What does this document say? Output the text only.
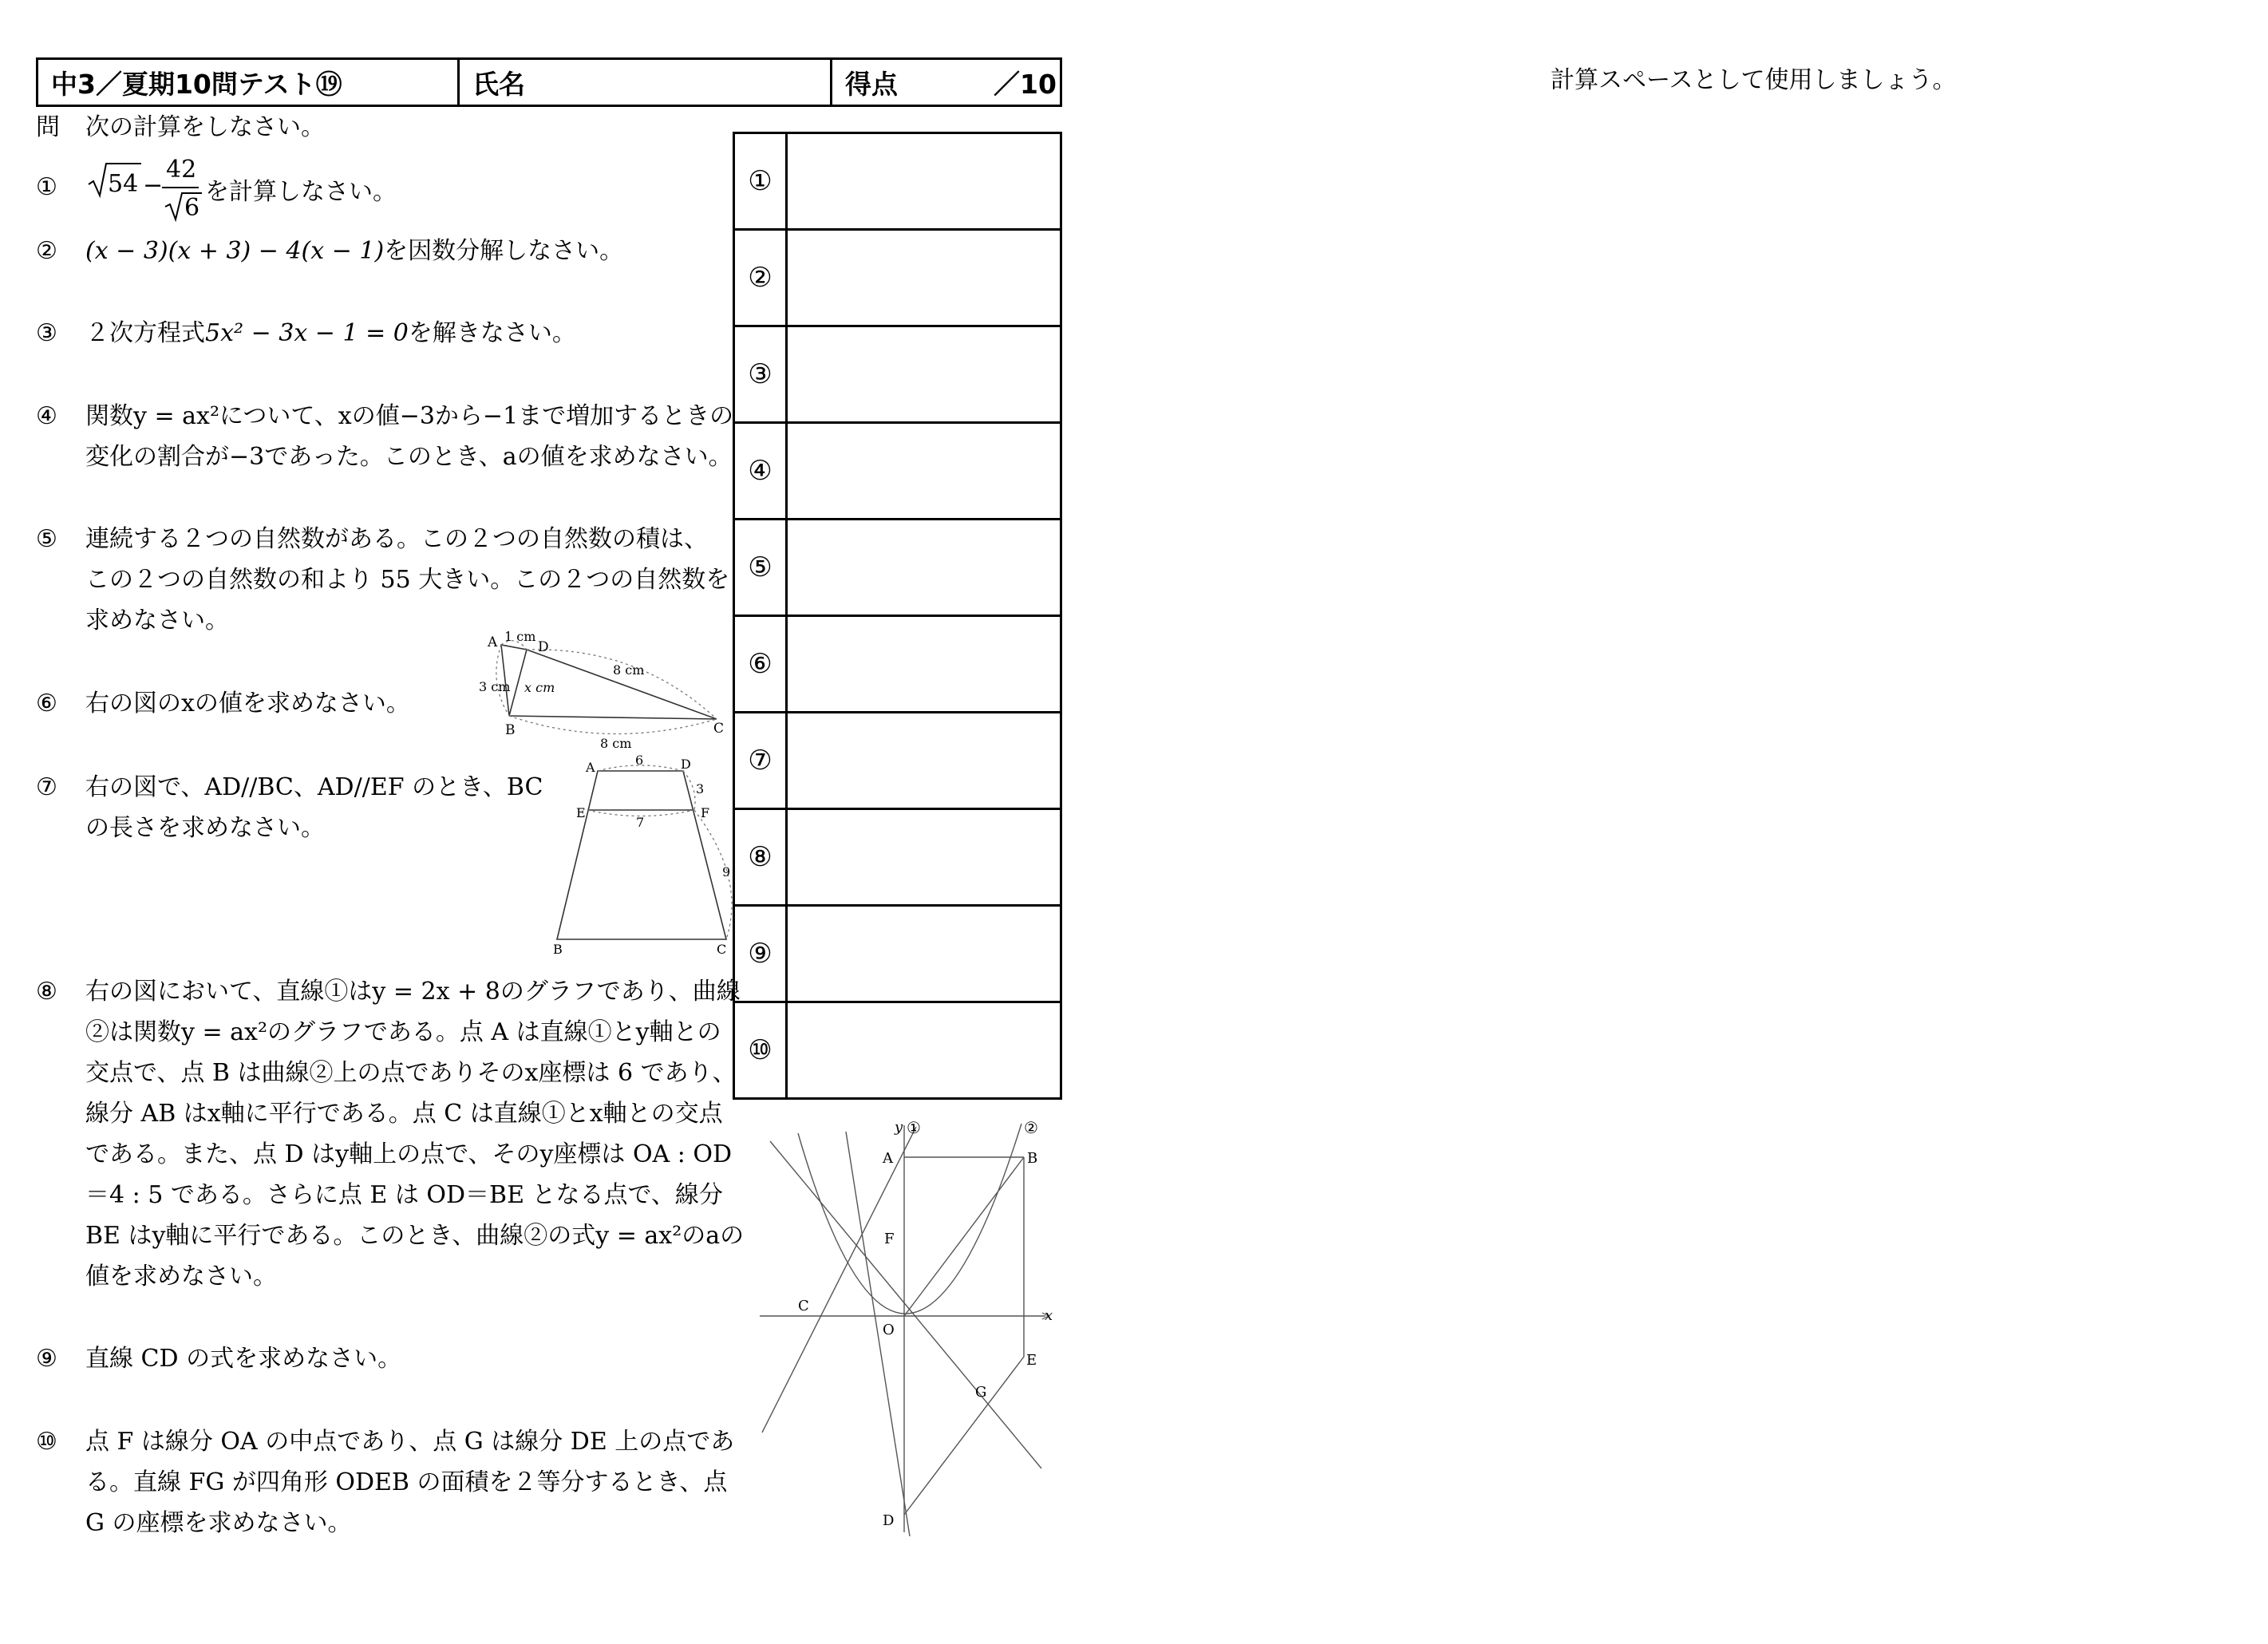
中3／夏期10問テスト⑲	氏名	得点	／10	計算スペースとして使用しましょう。
問 次の計算をしなさい。
① 54 −
42
6
を計算しなさい。
② (x − 3)(x + 3) − 4(x − 1)を因数分解しなさい。
③ ２次方程式5x² − 3x − 1 = 0を解きなさい。
④ 関数y = ax²について、xの値−3から−1まで増加するときの
変化の割合が−3であった。このとき、aの値を求めなさい。
⑤ 連続する２つの自然数がある。この２つの自然数の積は、
この２つの自然数の和より 55 大きい。この２つの自然数を
求めなさい。
⑥ 右の図のxの値を求めなさい。
⑦ 右の図で、AD//BC、AD//EF のとき、BC
の長さを求めなさい。
⑧ 右の図において、直線①はy = 2x + 8のグラフであり、曲線
②は関数y = ax²のグラフである。点 A は直線①とy軸との
交点で、点 B は曲線②上の点でありそのx座標は 6 であり、
線分 AB はx軸に平行である。点 C は直線①とx軸との交点
である。また、点 D はy軸上の点で、そのy座標は OA : OD
＝4 : 5 である。さらに点 E は OD＝BE となる点で、線分
BE はy軸に平行である。このとき、曲線②の式y = ax²のaの
値を求めなさい。
⑨ 直線 CD の式を求めなさい。
⑩ 点 F は線分 OA の中点であり、点 G は線分 DE 上の点であ
る。直線 FG が四角形 ODEB の面積を２等分するとき、点
G の座標を求めなさい。
①
②
③
④
⑤
⑥
⑦
⑧
⑨
⑩
A	D
B	C
1 cm
8 cm
3 cm x cm
8 cm
A	D
E	F
B	C
6
3
7
9
y ①	②
x
A	B
C
O
F
E
G
D
